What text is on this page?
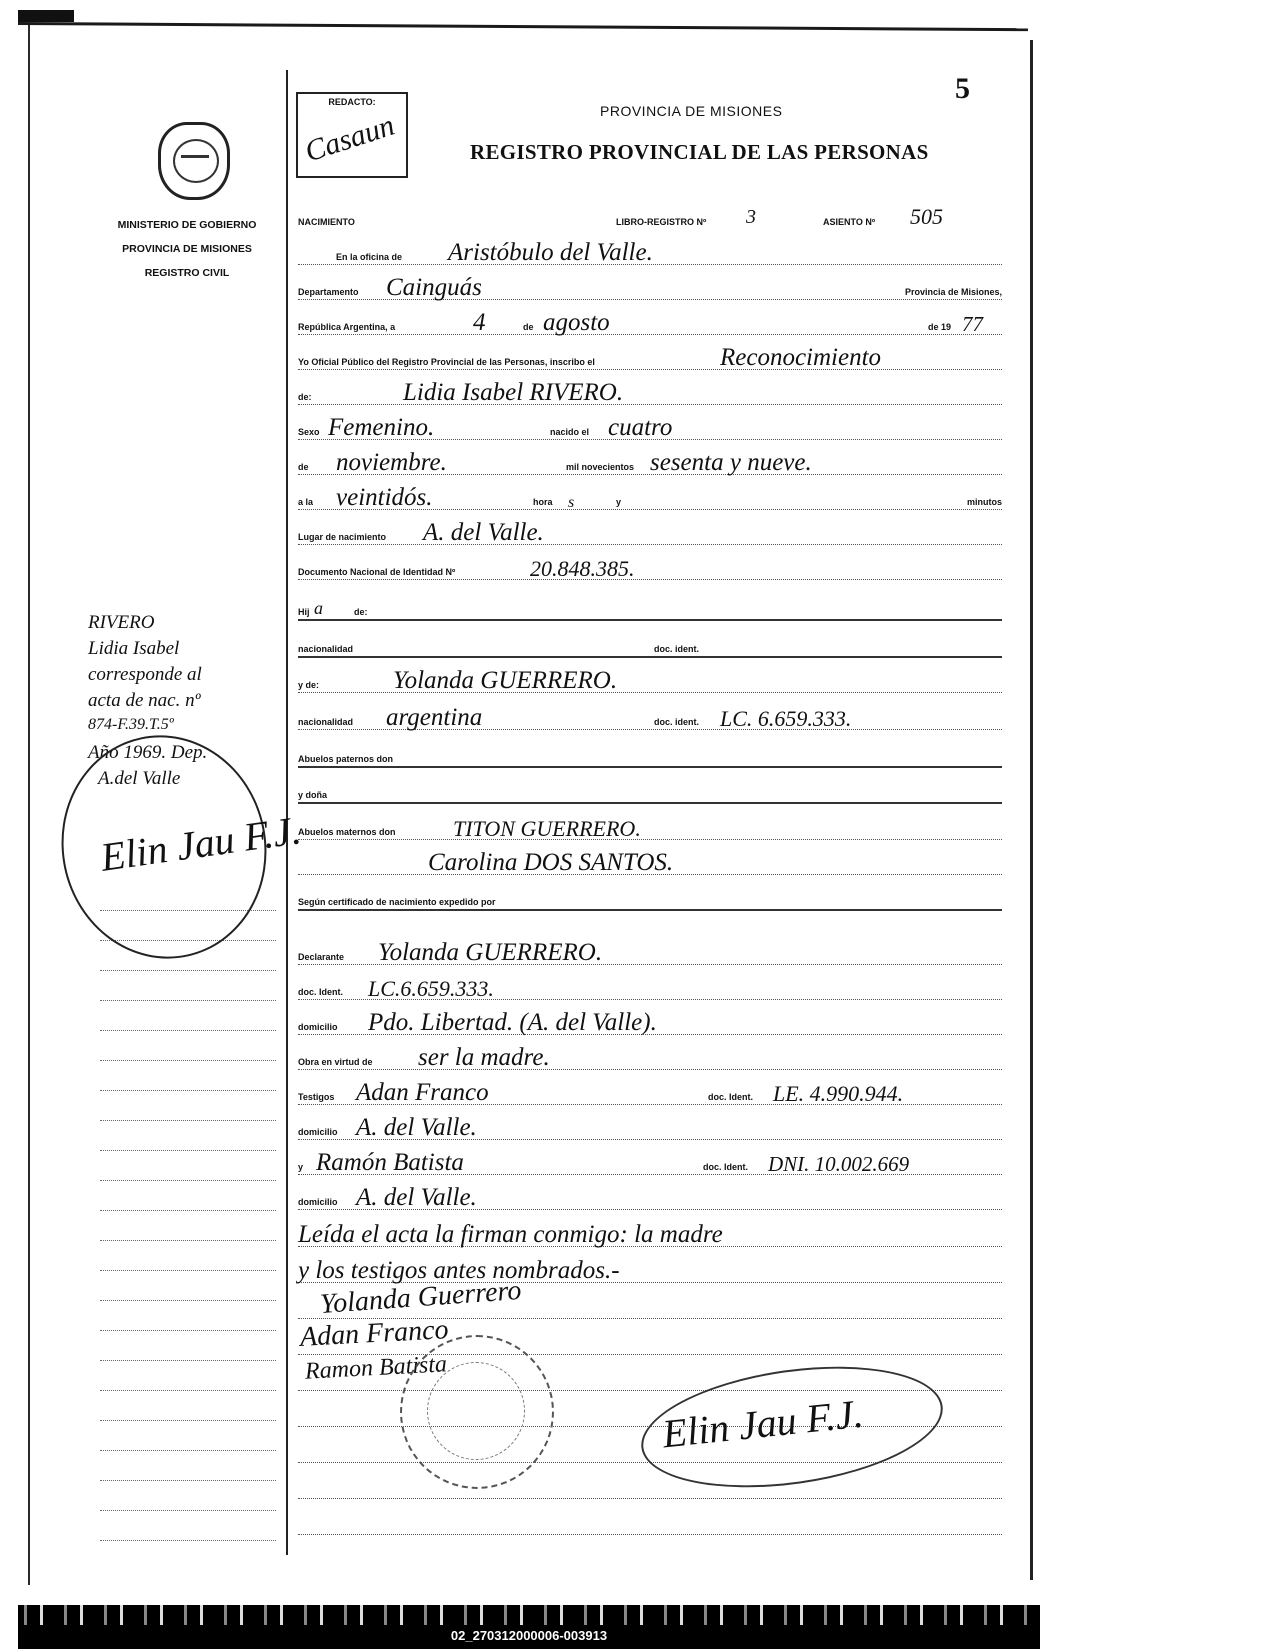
MINISTERIO DE GOBIERNO
PROVINCIA DE MISIONES
REGISTRO CIVIL
REDACTO:
Casaun
5
PROVINCIA DE MISIONES
REGISTRO PROVINCIAL DE LAS PERSONAS
NACIMIENTO	LIBRO-REGISTRO Nº 3	ASIENTO Nº 505
En la oficina de Aristóbulo del Valle.
Departamento Cainguás	Provincia de Misiones,
República Argentina, a	4	de agosto	de 19 77
Yo Oficial Público del Registro Provincial de las Personas, inscribo el	Reconocimiento
de:	Lidia Isabel RIVERO.
Sexo Femenino.	nacido el cuatro
de noviembre.	mil novecientos sesenta y nueve.
a la veintidós.	hora s	y	minutos
Lugar de nacimiento A. del Valle.
Documento Nacional de Identidad Nº	20.848.385.
Hij a	de:
nacionalidad	doc. ident.
y de:	Yolanda GUERRERO.
nacionalidad argentina	doc. ident. LC. 6.659.333.
Abuelos paternos don
y doña
Abuelos maternos don	TITON GUERRERO.
Carolina DOS SANTOS.
Según certificado de nacimiento expedido por
Declarante Yolanda GUERRERO.
doc. Ident. LC.6.659.333.
domicilio Pdo. Libertad. (A. del Valle).
Obra en virtud de ser la madre.
Testigos Adan Franco	doc. Ident. LE. 4.990.944.
domicilio A. del Valle.
y Ramón Batista	doc. Ident. DNI. 10.002.669
domicilio A. del Valle.
Leída el acta la firman conmigo: la madre
y los testigos antes nombrados.-
Yolanda Guerrero
Adan Franco
Ramon Batista
Elin Jau F.J.
RIVERO
Lidia Isabel
corresponde al
acta de nac. nº
874-F.39.T.5º
Año 1969. Dep.
A.del Valle
Elin Jau F.J.
02_270312000006-003913
